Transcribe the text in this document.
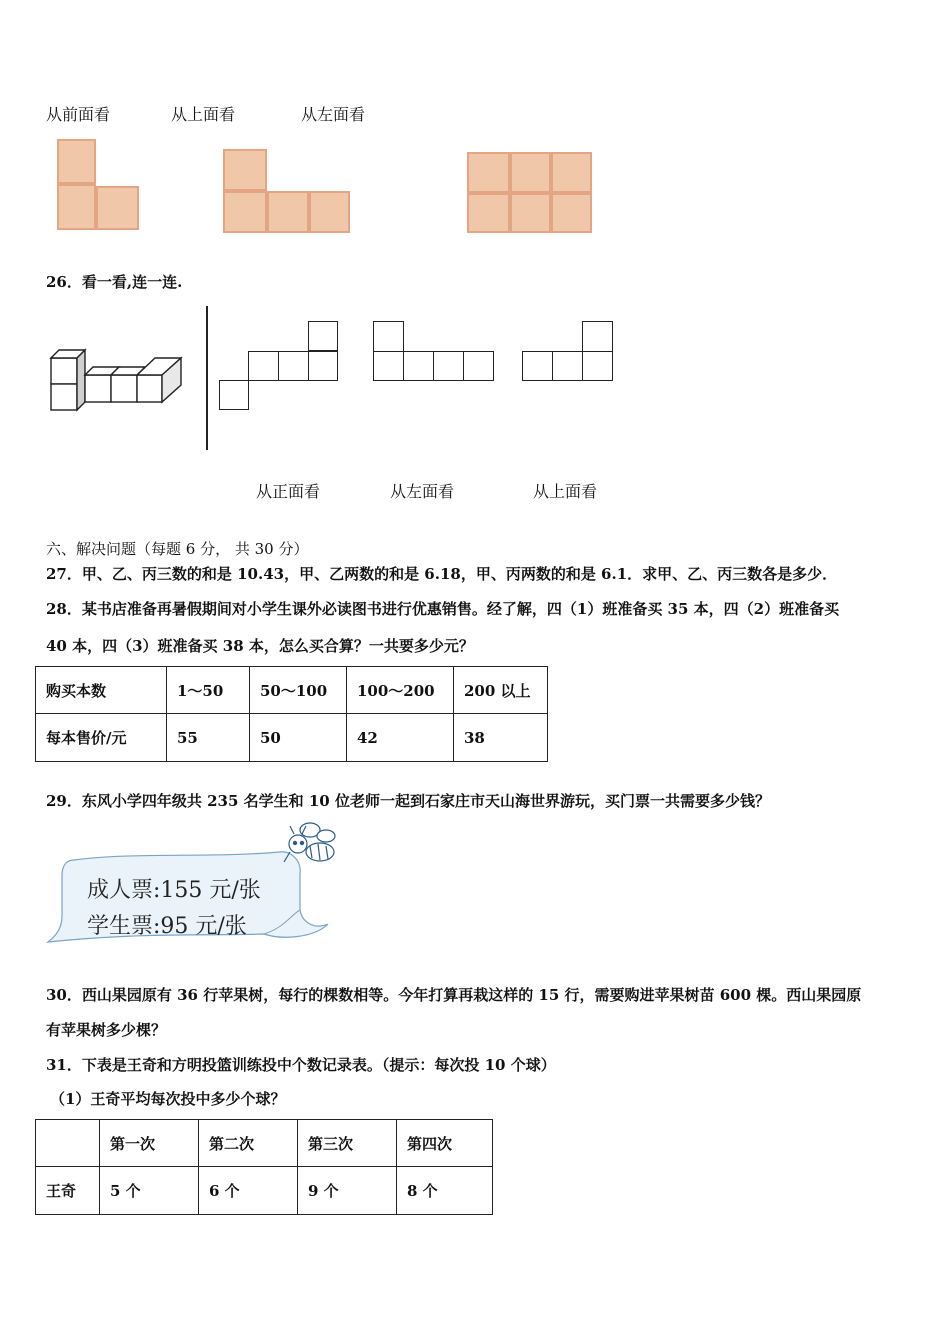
从前面看	从上面看	从左面看
26．看一看,连一连.
从正面看	从左面看	从上面看
六、解决问题（每题 6 分， 共 30 分）
27．甲、乙、丙三数的和是 10.43，甲、乙两数的和是 6.18，甲、丙两数的和是 6.1．求甲、乙、丙三数各是多少．
28．某书店准备再暑假期间对小学生课外必读图书进行优惠销售。经了解，四（1）班准备买 35 本，四（2）班准备买
40 本，四（3）班准备买 38 本，怎么买合算？一共要多少元？
购买本数	1～50	50～100	100～200	200 以上
每本售价/元	55	50	42	38
29．东风小学四年级共 235 名学生和 10 位老师一起到石家庄市天山海世界游玩，买门票一共需要多少钱？
成人票:155 元/张
学生票:95 元/张
30．西山果园原有 36 行苹果树，每行的棵数相等。今年打算再栽这样的 15 行，需要购进苹果树苗 600 棵。西山果园原
有苹果树多少棵？
31．下表是王奇和方明投篮训练投中个数记录表。（提示：每次投 10 个球）
（1）王奇平均每次投中多少个球？
	第一次	第二次	第三次	第四次
王奇	5 个	6 个	9 个	8 个
